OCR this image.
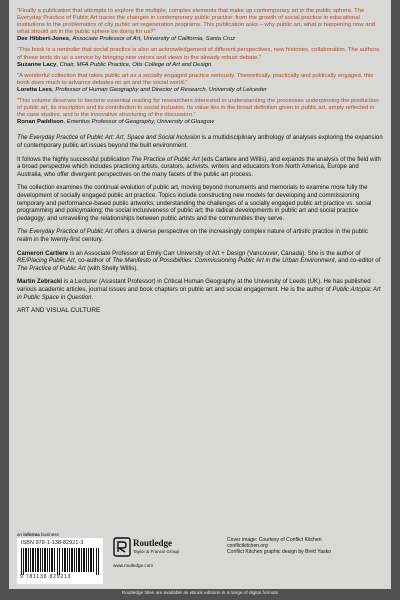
“Finally a publication that attempts to explore the multiple, complex elements that make up contemporary art in the public sphere. The Everyday Practice of Public Art traces the changes in contemporary public practice: from the growth of social practice in educational institutions to the problematics of city public art regeneration programs. This publication asks – why public art, what is happening now and what should art in the public sphere be doing for us?”
Dee Hibbert-Jones, Associate Professor of Art, University of California, Santa Cruz
“This book is a reminder that social practice is also an acknowledgement of different perspectives, new histories, collaboration. The authors of these texts do us a service by bringing new voices and views to the already robust debate.”
Suzanne Lacy, Chair, MFA Public Practice, Otis College of Art and Design
“A wonderful collection that takes public art as a socially engaged practice seriously. Theoretically, practically and politically engaged, this book does much to advance debates on art and the social world.”
Loretta Lees, Professor of Human Geography and Director of Research, University of Leicester
“This volume deserves to become essential reading for researchers interested in understanding the processes underpinning the production of public art, its inscription and its contribution to social inclusion. Its value lies in the broad definition given to public art, amply reflected in the case studies, and to the innovative structuring of the discussion.”
Ronan Paddison, Emeritus Professor of Geography, University of Glasgow

The Everyday Practice of Public Art: Art, Space and Social Inclusion is a multidisciplinary anthology of analyses exploring the expansion of contemporary public art issues beyond the built environment.

It follows the highly successful publication The Practice of Public Art (eds Cartiere and Willis), and expands the analysis of the field with a broad perspective which includes practicing artists, curators, activists, writers and educators from North America, Europe and Australia, who offer divergent perspectives on the many facets of the public art process.

The collection examines the continual evolution of public art, moving beyond monuments and memorials to examine more fully the development of socially engaged public art practice. Topics include constructing new models for developing and commissioning temporary and performance-based public artworks; understanding the challenges of a socially engaged public art practice vs. social programming and policymaking; the social inclusiveness of public art; the radical developments in public art and social practice pedagogy; and unravelling the relationships between public artists and the communities they serve.

The Everyday Practice of Public Art offers a diverse perspective on the increasingly complex nature of artistic practice in the public realm in the twenty-first century.

Cameron Cartiere is an Associate Professor at Emily Carr University of Art + Design (Vancouver, Canada). She is the author of RE/Placing Public Art, co-author of The Manifesto of Possibilities: Commissioning Public Art in the Urban Environment, and co-editor of The Practice of Public Art (with Shelly Willis).

Martin Zebracki is a Lecturer (Assistant Professor) in Critical Human Geography at the University of Leeds (UK). He has published various academic articles, journal issues and book chapters on public art and social engagement. He is the author of Public Artopia: Art in Public Space in Question.

ART AND VISUAL CULTURE
an informa business
ISBN 978-1-138-82921-3
9 781138 829213
Routledge
Taylor & Francis Group
www.routledge.com
Cover image: Courtesy of Conflict Kitchen
conflictkitchen.org
Conflict Kitchen graphic design by Brett Yasko
Routledge titles are available as eBook editions in a range of digital formats
